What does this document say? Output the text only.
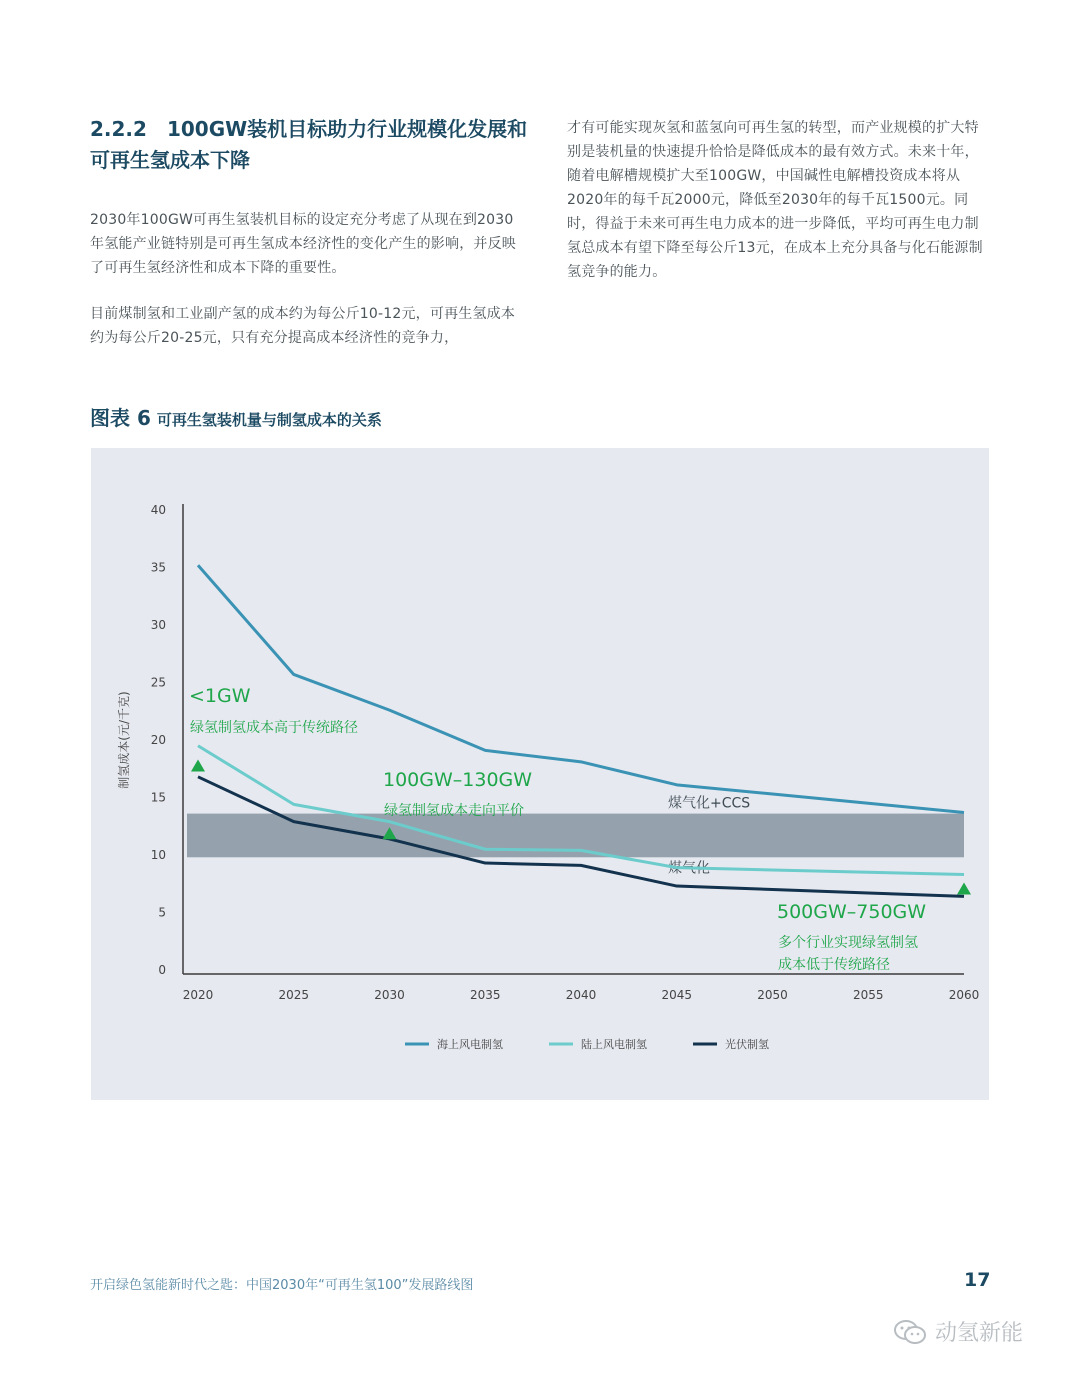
2.2.2 100GW装机目标助力行业规模化发展和
可再生氢成本下降

2030年100GW可再生氢装机目标的设定充分考虑了从现在到2030年氢能产业链特别是可再生氢成本经济性的变化产生的影响，并反映了可再生氢经济性和成本下降的重要性。

目前煤制氢和工业副产氢的成本约为每公斤10-12元，可再生氢成本约为每公斤20-25元，只有充分提高成本经济性的竞争力，

才有可能实现灰氢和蓝氢向可再生氢的转型，而产业规模的扩大特别是装机量的快速提升恰恰是降低成本的最有效方式。未来十年，随着电解槽规模扩大至100GW，中国碱性电解槽投资成本将从2020年的每千瓦2000元，降低至2030年的每千瓦1500元。同时，得益于未来可再生电力成本的进一步降低，平均可再生电力制氢总成本有望下降至每公斤13元，在成本上充分具备与化石能源制氢竞争的能力。

图表 6 可再生氢装机量与制氢成本的关系
煤气化+CCS
煤气化
0
5
10
15
20
25
30
35
40
制氢成本(元/千克)
2020	2025	2030	2035	2040	2045	2050	2055	2060
<1GW
绿氢制氢成本高于传统路径
100GW–130GW
绿氢制氢成本走向平价
500GW–750GW
多个行业实现绿氢制氢
成本低于传统路径
海上风电制氢	陆上风电制氢	光伏制氢
开启绿色氢能新时代之匙：中国2030年“可再生氢100”发展路线图	17
动氢新能
